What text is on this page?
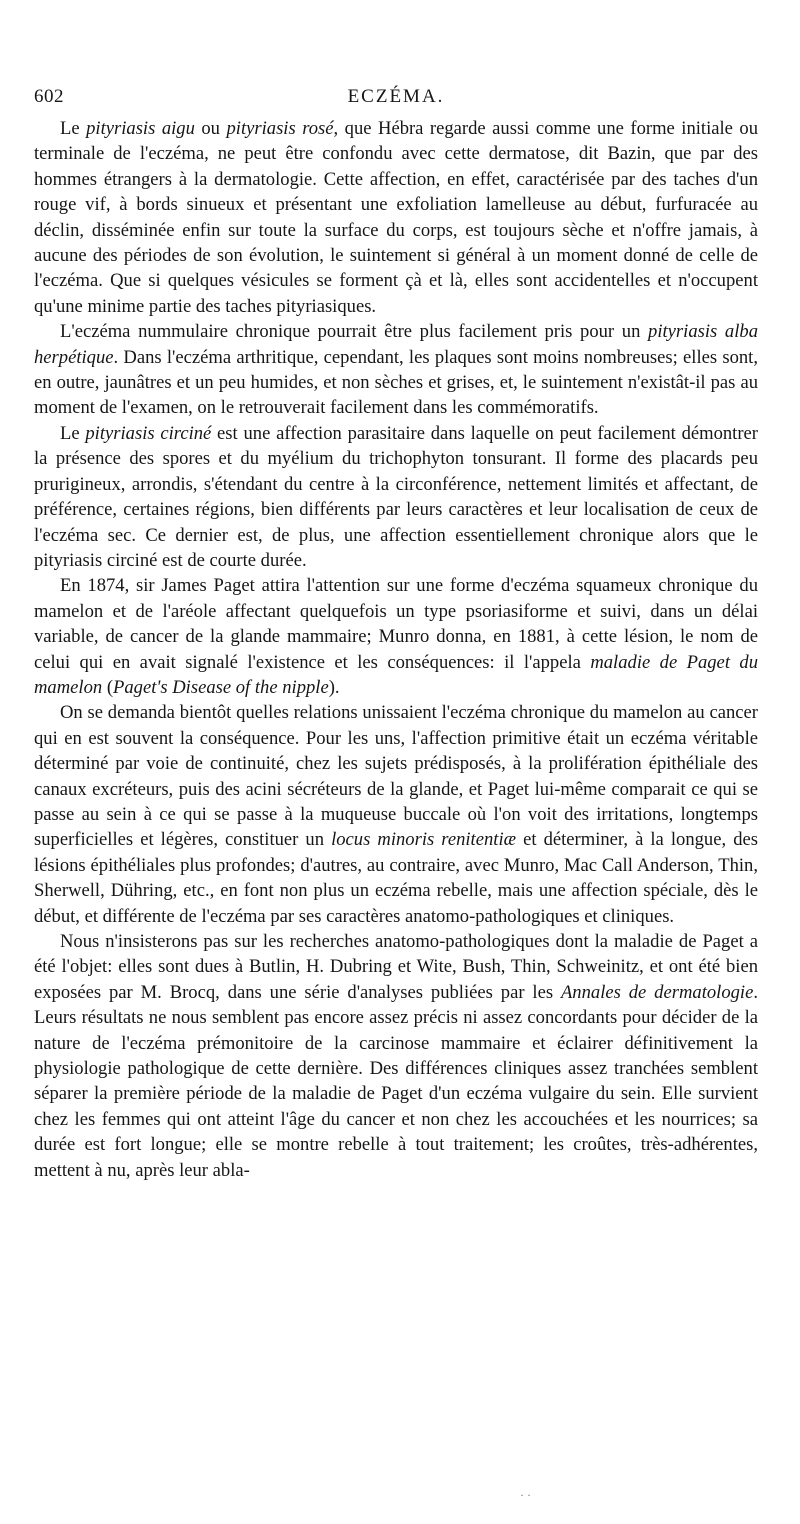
602	ECZÉMA.

Le pityriasis aigu ou pityriasis rosé, que Hébra regarde aussi comme une forme initiale ou terminale de l'eczéma, ne peut être confondu avec cette dermatose, dit Bazin, que par des hommes étrangers à la dermatologie. Cette affection, en effet, caractérisée par des taches d'un rouge vif, à bords sinueux et présentant une exfoliation lamelleuse au début, furfuracée au déclin, disséminée enfin sur toute la surface du corps, est toujours sèche et n'offre jamais, à aucune des périodes de son évolution, le suintement si général à un moment donné de celle de l'eczéma. Que si quelques vésicules se forment çà et là, elles sont accidentelles et n'occupent qu'une minime partie des taches pityriasiques.

L'eczéma nummulaire chronique pourrait être plus facilement pris pour un pityriasis alba herpétique. Dans l'eczéma arthritique, cependant, les plaques sont moins nombreuses; elles sont, en outre, jaunâtres et un peu humides, et non sèches et grises, et, le suintement n'existât-il pas au moment de l'examen, on le retrouverait facilement dans les commémoratifs.

Le pityriasis circiné est une affection parasitaire dans laquelle on peut facilement démontrer la présence des spores et du myélium du trichophyton tonsurant. Il forme des placards peu prurigineux, arrondis, s'étendant du centre à la circonférence, nettement limités et affectant, de préférence, certaines régions, bien différents par leurs caractères et leur localisation de ceux de l'eczéma sec. Ce dernier est, de plus, une affection essentiellement chronique alors que le pityriasis circiné est de courte durée.

En 1874, sir James Paget attira l'attention sur une forme d'eczéma squameux chronique du mamelon et de l'aréole affectant quelquefois un type psoriasiforme et suivi, dans un délai variable, de cancer de la glande mammaire; Munro donna, en 1881, à cette lésion, le nom de celui qui en avait signalé l'existence et les conséquences: il l'appela maladie de Paget du mamelon (Paget's Disease of the nipple).

On se demanda bientôt quelles relations unissaient l'eczéma chronique du mamelon au cancer qui en est souvent la conséquence. Pour les uns, l'affection primitive était un eczéma véritable déterminé par voie de continuité, chez les sujets prédisposés, à la prolifération épithéliale des canaux excréteurs, puis des acini sécréteurs de la glande, et Paget lui-même comparait ce qui se passe au sein à ce qui se passe à la muqueuse buccale où l'on voit des irritations, longtemps superficielles et légères, constituer un locus minoris renitentiæ et déterminer, à la longue, des lésions épithéliales plus profondes; d'autres, au contraire, avec Munro, Mac Call Anderson, Thin, Sherwell, Dühring, etc., en font non plus un eczéma rebelle, mais une affection spéciale, dès le début, et différente de l'eczéma par ses caractères anatomo-pathologiques et cliniques.

Nous n'insisterons pas sur les recherches anatomo-pathologiques dont la maladie de Paget a été l'objet: elles sont dues à Butlin, H. Dubring et Wite, Bush, Thin, Schweinitz, et ont été bien exposées par M. Brocq, dans une série d'analyses publiées par les Annales de dermatologie. Leurs résultats ne nous semblent pas encore assez précis ni assez concordants pour décider de la nature de l'eczéma prémonitoire de la carcinose mammaire et éclairer définitivement la physiologie pathologique de cette dernière. Des différences cliniques assez tranchées semblent séparer la première période de la maladie de Paget d'un eczéma vulgaire du sein. Elle survient chez les femmes qui ont atteint l'âge du cancer et non chez les accouchées et les nourrices; sa durée est fort longue; elle se montre rebelle à tout traitement; les croûtes, très-adhérentes, mettent à nu, après leur abla-

· ·
